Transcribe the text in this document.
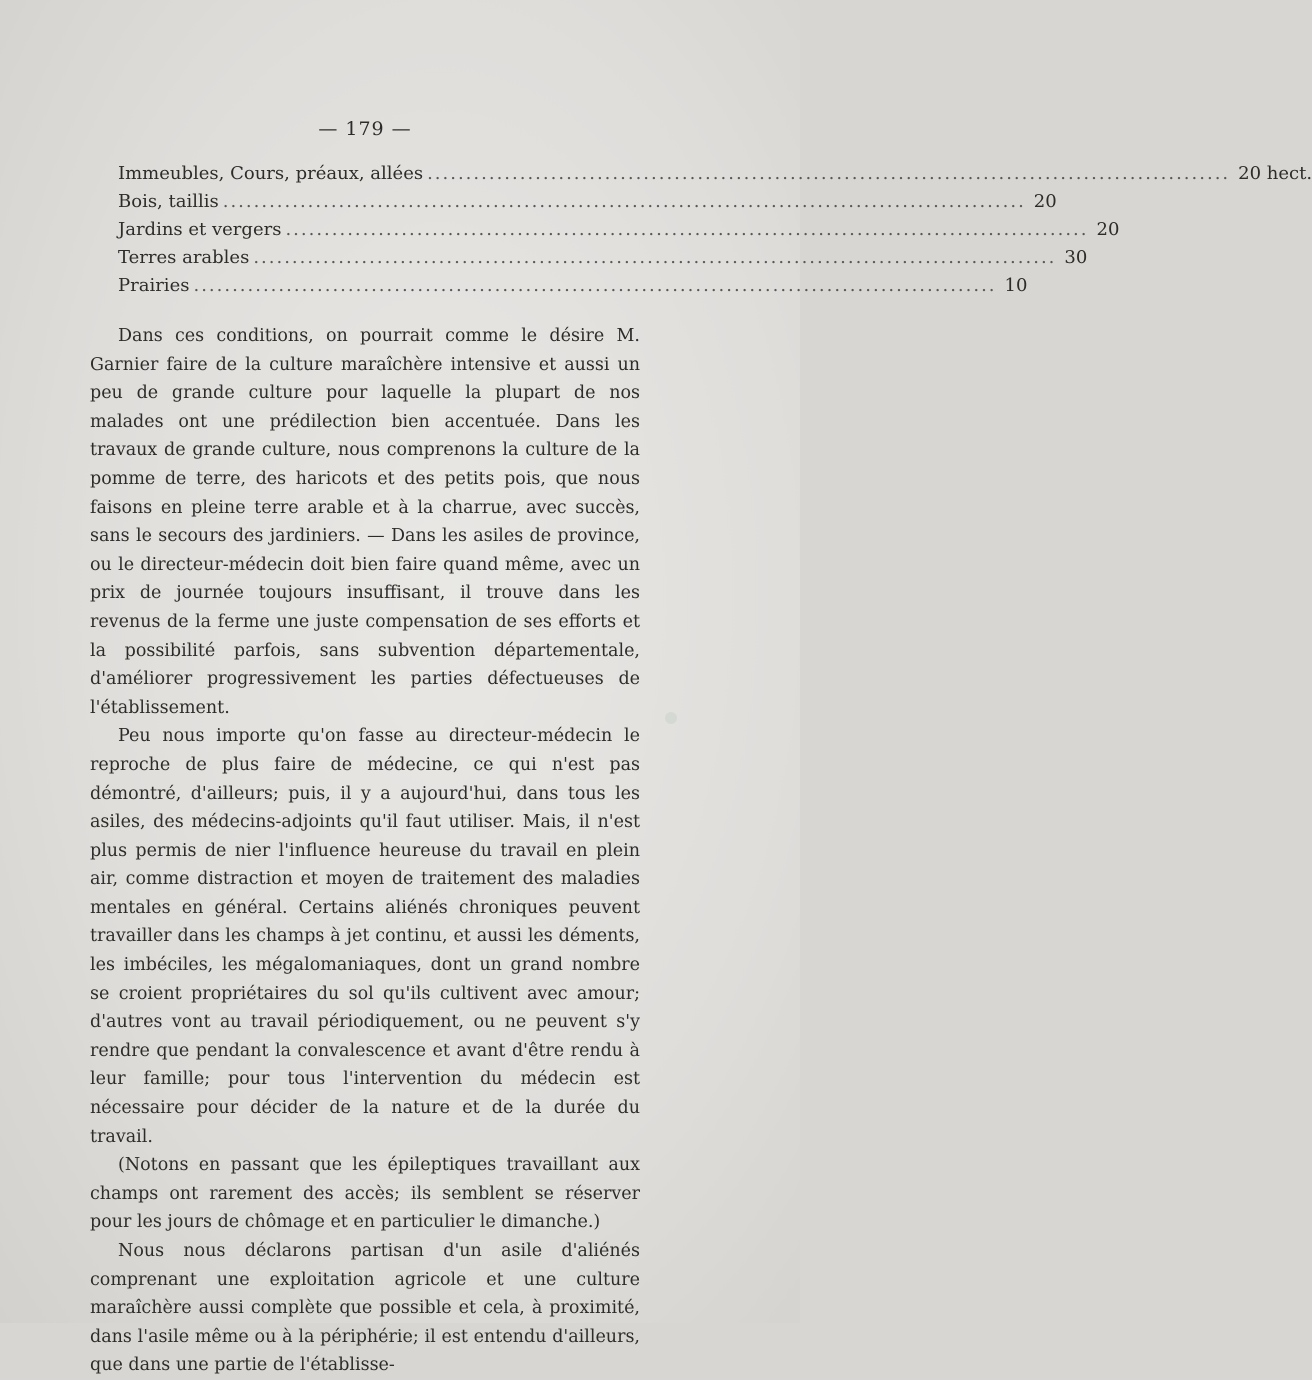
— 179 —
Immeubles, Cours, préaux, allées .....	20 hect.
Bois, taillis .....	20
Jardins et vergers .....	20
Terres arables .....	30
Prairies .....	10

Dans ces conditions, on pourrait comme le désire M. Garnier faire de la culture maraîchère intensive et aussi un peu de grande culture pour laquelle la plupart de nos malades ont une prédilection bien accentuée. Dans les travaux de grande culture, nous comprenons la culture de la pomme de terre, des haricots et des petits pois, que nous faisons en pleine terre arable et à la charrue, avec succès, sans le secours des jardiniers. — Dans les asiles de province, ou le directeur-médecin doit bien faire quand même, avec un prix de journée toujours insuffisant, il trouve dans les revenus de la ferme une juste compensation de ses efforts et la possibilité parfois, sans subvention départementale, d'améliorer progressivement les parties défectueuses de l'établissement.

Peu nous importe qu'on fasse au directeur-médecin le reproche de plus faire de médecine, ce qui n'est pas démontré, d'ailleurs; puis, il y a aujourd'hui, dans tous les asiles, des médecins-adjoints qu'il faut utiliser. Mais, il n'est plus permis de nier l'influence heureuse du travail en plein air, comme distraction et moyen de traitement des maladies mentales en général. Certains aliénés chroniques peuvent travailler dans les champs à jet continu, et aussi les déments, les imbéciles, les mégalomaniaques, dont un grand nombre se croient propriétaires du sol qu'ils cultivent avec amour; d'autres vont au travail périodiquement, ou ne peuvent s'y rendre que pendant la convalescence et avant d'être rendu à leur famille; pour tous l'intervention du médecin est nécessaire pour décider de la nature et de la durée du travail.

(Notons en passant que les épileptiques travaillant aux champs ont rarement des accès; ils semblent se réserver pour les jours de chômage et en particulier le dimanche.)

Nous nous déclarons partisan d'un asile d'aliénés comprenant une exploitation agricole et une culture maraîchère aussi complète que possible et cela, à proximité, dans l'asile même ou à la périphérie; il est entendu d'ailleurs, que dans une partie de l'établisse-
